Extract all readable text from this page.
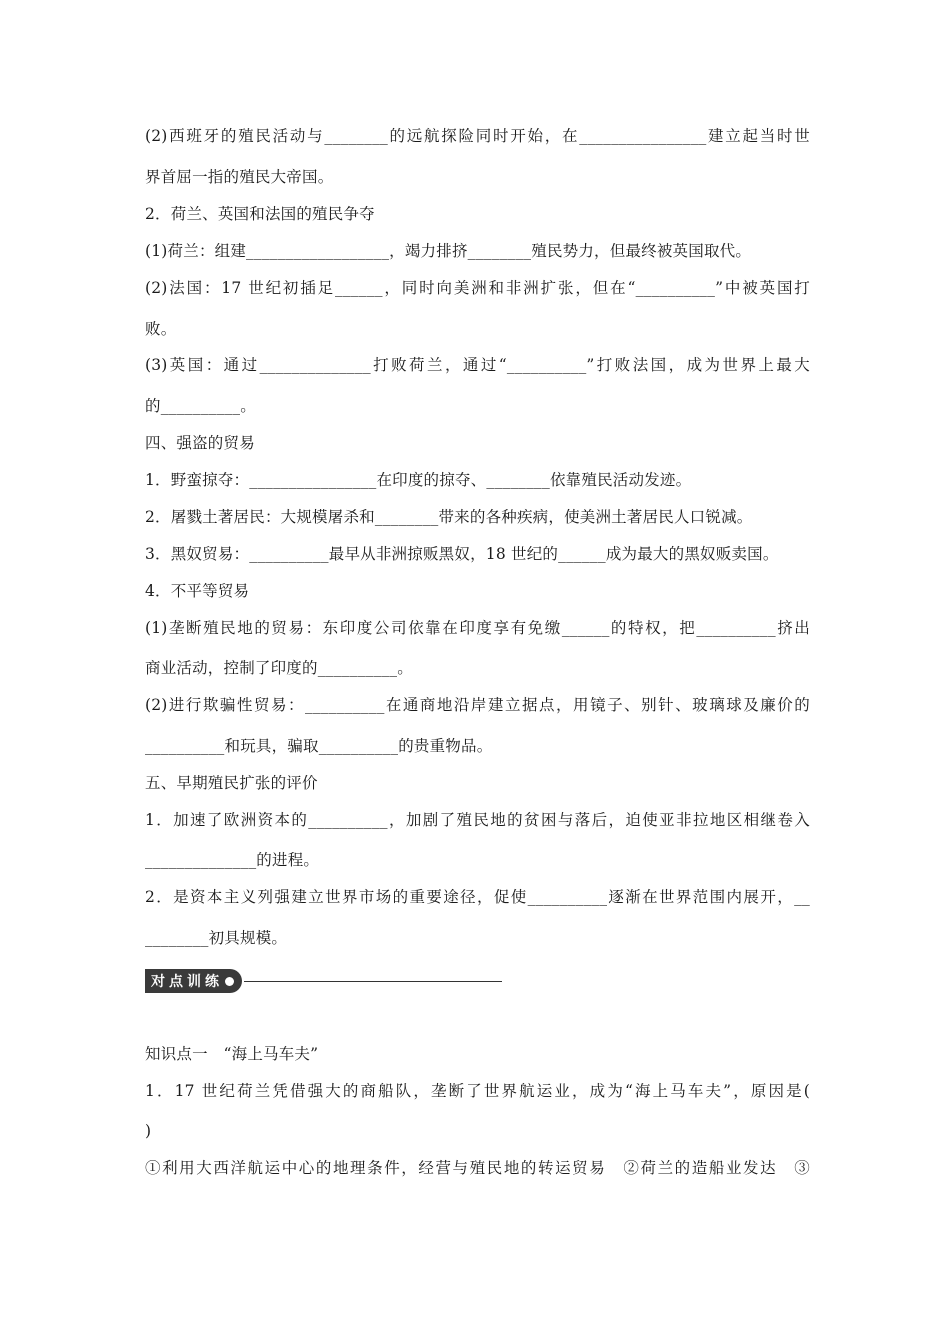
(2)西班牙的殖民活动与________的远航探险同时开始，在________________建立起当时世
界首屈一指的殖民大帝国。
2．荷兰、英国和法国的殖民争夺
(1)荷兰：组建__________________，竭力排挤________殖民势力，但最终被英国取代。
(2)法国：17 世纪初插足______，同时向美洲和非洲扩张，但在“__________”中被英国打
败。
(3)英国：通过______________打败荷兰，通过“__________”打败法国，成为世界上最大
的__________。
四、强盗的贸易
1．野蛮掠夺：________________在印度的掠夺、________依靠殖民活动发迹。
2．屠戮土著居民：大规模屠杀和________带来的各种疾病，使美洲土著居民人口锐减。
3．黑奴贸易：__________最早从非洲掠贩黑奴，18 世纪的______成为最大的黑奴贩卖国。
4．不平等贸易
(1)垄断殖民地的贸易：东印度公司依靠在印度享有免缴______的特权，把__________挤出
商业活动，控制了印度的__________。
(2)进行欺骗性贸易：__________在通商地沿岸建立据点，用镜子、别针、玻璃球及廉价的
__________和玩具，骗取__________的贵重物品。
五、早期殖民扩张的评价
1．加速了欧洲资本的__________，加剧了殖民地的贫困与落后，迫使亚非拉地区相继卷入
______________的进程。
2．是资本主义列强建立世界市场的重要途径，促使__________逐渐在世界范围内展开，__
________初具规模。
对点训练
知识点一　“海上马车夫”
1．17 世纪荷兰凭借强大的商船队，垄断了世界航运业，成为“海上马车夫”，原因是(
)
①利用大西洋航运中心的地理条件，经营与殖民地的转运贸易　②荷兰的造船业发达　③
